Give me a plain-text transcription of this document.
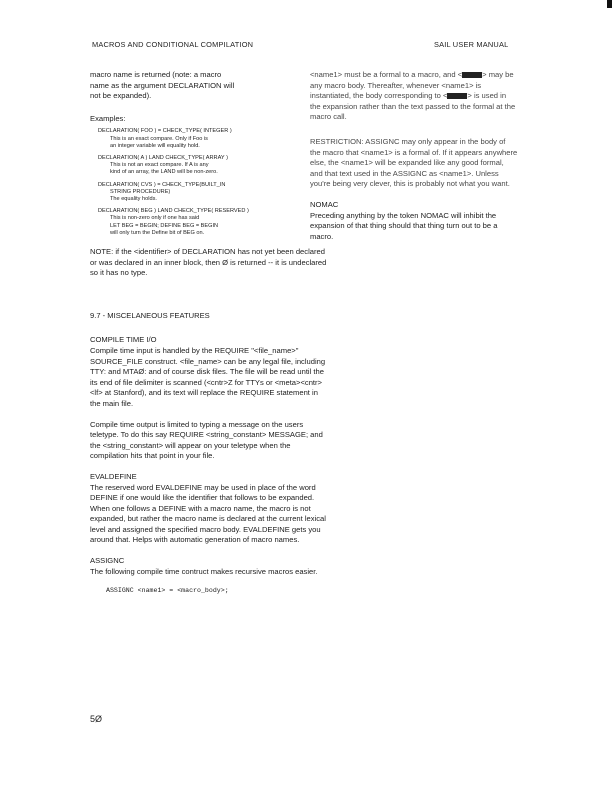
MACROS AND CONDITIONAL COMPILATION	SAIL USER MANUAL

macro name is returned (note: a macro name as the argument DECLARATION will not be expanded).

Examples:

DECLARATION( FOO ) = CHECK_TYPE( INTEGER )
This is an exact compare. Only if Foo is
an integer variable will equality hold.
DECLARATION( A ) LAND CHECK_TYPE( ARRAY )
This is not an exact compare. If A is any
kind of an array, the LAND will be non-zero.
DECLARATION( CVS ) = CHECK_TYPE(BUILT_IN
STRING PROCEDURE)
The equality holds.
DECLARATION( BEG ) LAND CHECK_TYPE( RESERVED )
This is non-zero only if one has said
LET BEG = BEGIN; DEFINE BEG = BEGIN
will only turn the Define bit of BEG on.

NOTE: if the <identifier> of DECLARATION has not yet been declared or was declared in an inner block, then Ø is returned -- it is undeclared so it has no type.

9.7 - MISCELANEOUS FEATURES

COMPILE TIME I/O

Compile time input is handled by the REQUIRE "<file_name>" SOURCE_FILE construct. <file_name> can be any legal file, including TTY: and MTAØ: and of course disk files. The file will be read until the its end of file delimiter is scanned (<cntr>Z for TTYs or <meta><cntr><lf> at Stanford), and its text will replace the REQUIRE statement in the main file.

Compile time output is limited to typing a message on the users teletype. To do this say REQUIRE <string_constant> MESSAGE; and the <string_constant> will appear on your teletype when the compilation hits that point in your file.

EVALDEFINE

The reserved word EVALDEFINE may be used in place of the word DEFINE if one would like the identifier that follows to be expanded. When one follows a DEFINE with a macro name, the macro is not expanded, but rather the macro name is declared at the current lexical level and assigned the specified macro body. EVALDEFINE gets you around that. Helps with automatic generation of macro names.

ASSIGNC

The following compile time contruct makes recursive macros easier.

ASSIGNC <name1> = <macro_body>;

<name1> must be a formal to a macro, and <	> may be any macro body. Thereafter, whenever <name1> is instantiated, the body corresponding to <	> is used in the expansion rather than the text passed to the formal at the macro call.

RESTRICTION: ASSIGNC may only appear in the body of the macro that <name1> is a formal of. If it appears anywhere else, the <name1> will be expanded like any good formal, and that text used in the ASSIGNC as <name1>. Unless you're being very clever, this is probably not what you want.

NOMAC

Preceding anything by the token NOMAC will inhibit the expansion of that thing should that thing turn out to be a macro.

5Ø
